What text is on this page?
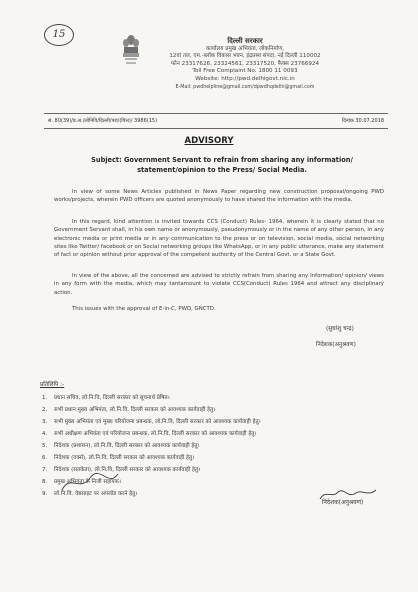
15
दिल्ली सरकार
कार्यालय प्रमुख अभियंता, लोकनिर्माण,
12वां तल, एम.-ब्लॉक विकास भवन, इंद्रप्रस्थ संपदा, नई दिल्ली 110002
फोन 23317626, 23324561, 23317520, फैक्स 23766924
Toll Free Complaint No. 1800 11 0093
Website: http://pwd.delhigovt.nic.in
E-Mail: pwdhelpline@gmail.com/dpwdhqdelhi@gmail.com
सं. 80(39)/प्र.अ./लोनिवि/दिल्ली/परा/(वित्त)/ 3986(15)	दिनांक 30.07.2018
ADVISORY
Subject: Government Servant to refrain from sharing any information/ statement/opinion to the Press/ Social Media.
In view of some News Articles published in News Paper regarding new construction proposal/ongoing PWD works/projects, wherein PWD officers are quoted anonymously to have shared the information with the media.
In this regard, kind attention is invited towards CCS (Conduct) Rules- 1964, wherein it is clearly stated that no Government Servant shall, in his own name or anonymously, pseudonymously or in the name of any other person, in any electronic media or print media or in any communication to the press or on television, social media, social networking sites like Twitter/ facebook or on Social networking groups like WhatsApp, or in any public utterance, make any statement of fact or opinion without prior approval of the competent authority of the Central Govt. or a State Govt.
In view of the above, all the concerned are advised to strictly refrain from sharing any Information/ opinion/ views in any form with the media, which may tantamount to violate CCS(Conduct) Rules 1964 and attract any disciplinary action.
This issues with the approval of E-in-C, PWD, GNCTD.
(सुधांशु चन्द्र)
निदेशक(अनुश्रवण)
प्रतिलिपि :-
1. प्रधान सचिव, लो.नि.वि, दिल्ली सरकार को सूचनार्थ प्रेषित।
2. सभी प्रधान मुख्य अभियंता, लो.नि.वि, दिल्ली सरकार को आवश्यक कार्यवाही हेतु।
3. सभी मुख्य अभियंता एवं मुख्य परियोजना प्रबन्धक, लो.नि.वि, दिल्ली सरकार को आवश्यक कार्यवाही हेतु।
4. सभी अधीक्षण अभियंता एवं परियोजना प्रबन्धक, लो.नि.वि, दिल्ली सरकार को आवश्यक कार्यवाही हेतु।
5. निदेशक (प्रशासन), लो.नि.वि, दिल्ली सरकार को आवश्यक कार्यवाही हेतु।
6. निदेशक (वर्क्स), लो.नि.वि, दिल्ली सरकार को आवश्यक कार्यवाही हेतु।
7. निदेशक (सतर्कता), लो.नि.वि, दिल्ली सरकार को आवश्यक कार्यवाही हेतु।
8. प्रमुख अभियंता के निजी सहायक।
9. लो.नि.वि. वेबसाइट पर अपलोड करने हेतु।
निदेशक(अनुश्रवण)
